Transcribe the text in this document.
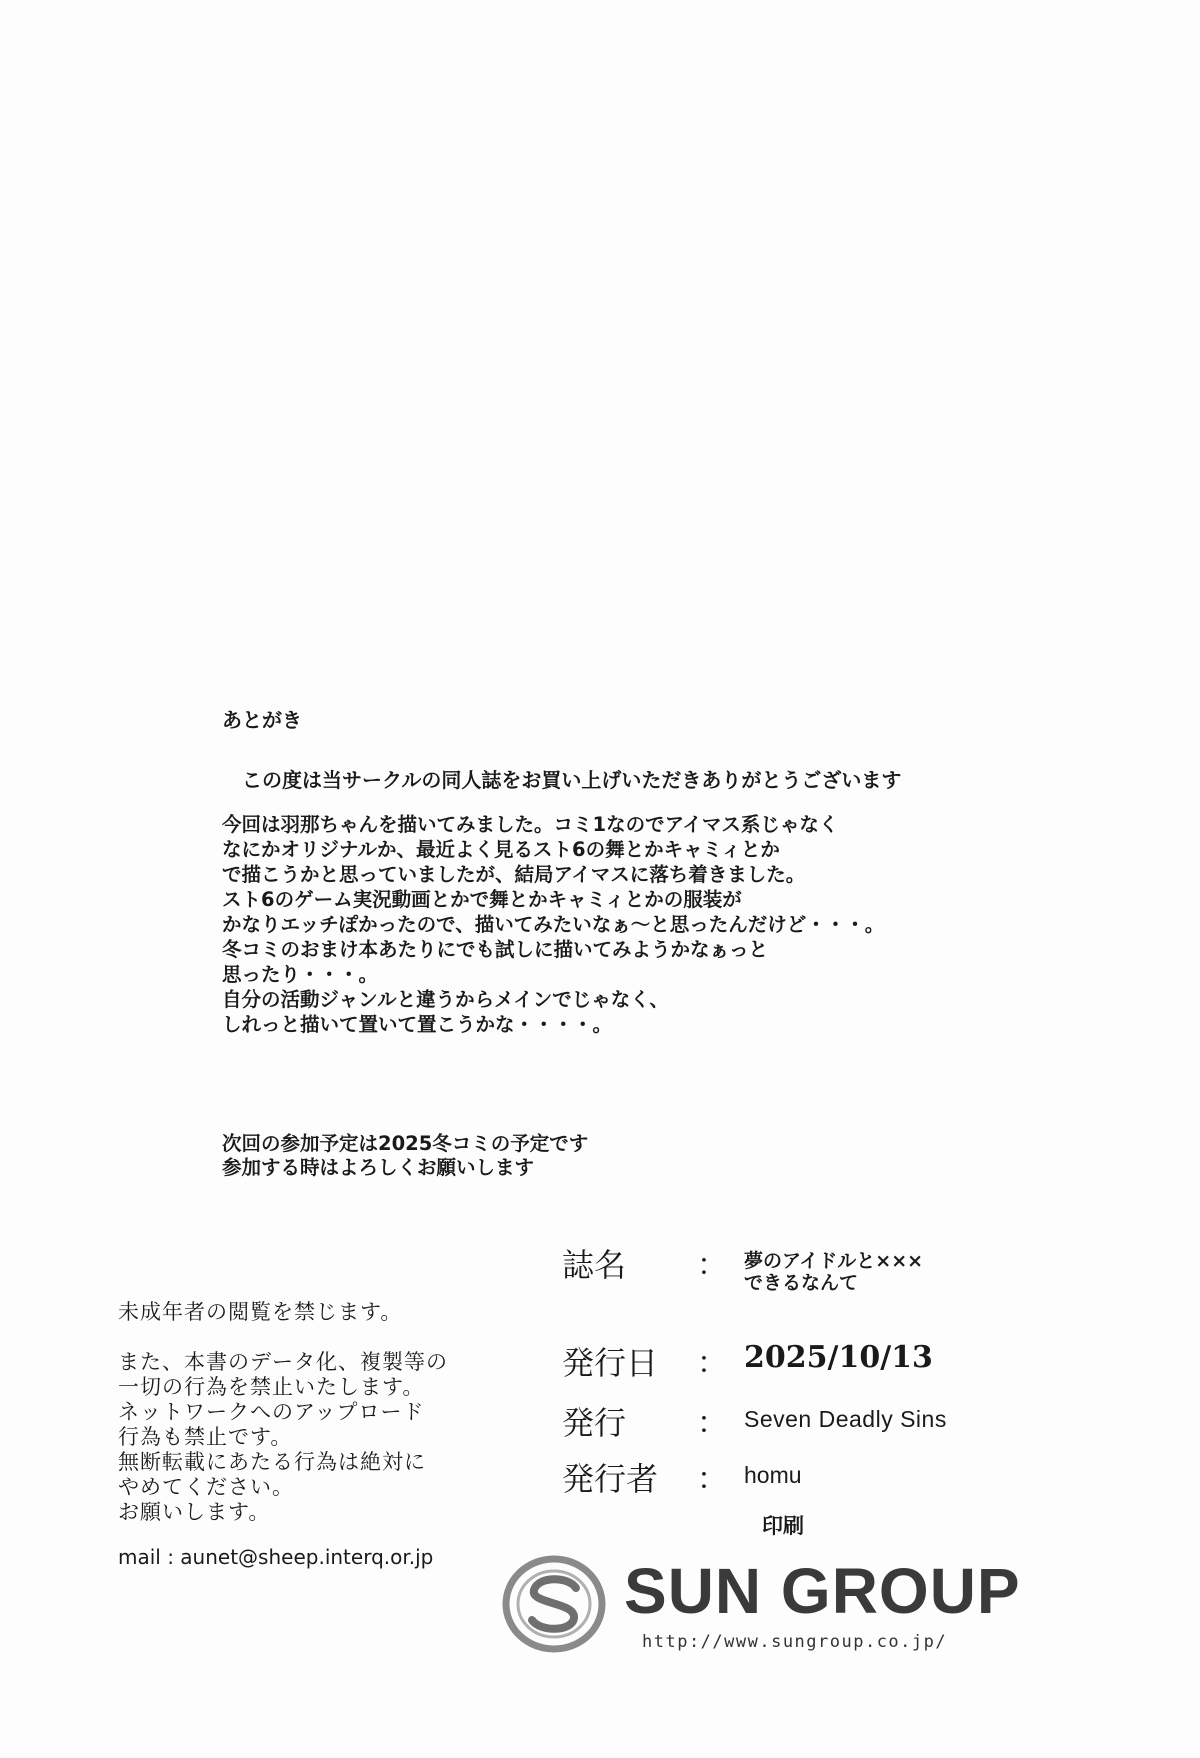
あとがき
この度は当サークルの同人誌をお買い上げいただきありがとうございます
今回は羽那ちゃんを描いてみました。コミ1なのでアイマス系じゃなく
なにかオリジナルか、最近よく見るスト6の舞とかキャミィとか
で描こうかと思っていましたが、結局アイマスに落ち着きました。
スト6のゲーム実況動画とかで舞とかキャミィとかの服装が
かなりエッチぽかったので、描いてみたいなぁ～と思ったんだけど・・・。
冬コミのおまけ本あたりにでも試しに描いてみようかなぁっと
思ったり・・・。
自分の活動ジャンルと違うからメインでじゃなく、
しれっと描いて置いて置こうかな・・・・。
次回の参加予定は2025冬コミの予定です
参加する時はよろしくお願いします
未成年者の閲覧を禁じます。
また、本書のデータ化、複製等の
一切の行為を禁止いたします。
ネットワークへのアップロード
行為も禁止です。
無断転載にあたる行為は絶対に
やめてください。
お願いします。
mail : aunet@sheep.interq.or.jp
誌名 ： 夢のアイドルと×××
できるなんて
発行日 ： 2025/10/13
発行 ： Seven Deadly Sins
発行者 ： homu
印刷
SUN GROUP
http://www.sungroup.co.jp/
